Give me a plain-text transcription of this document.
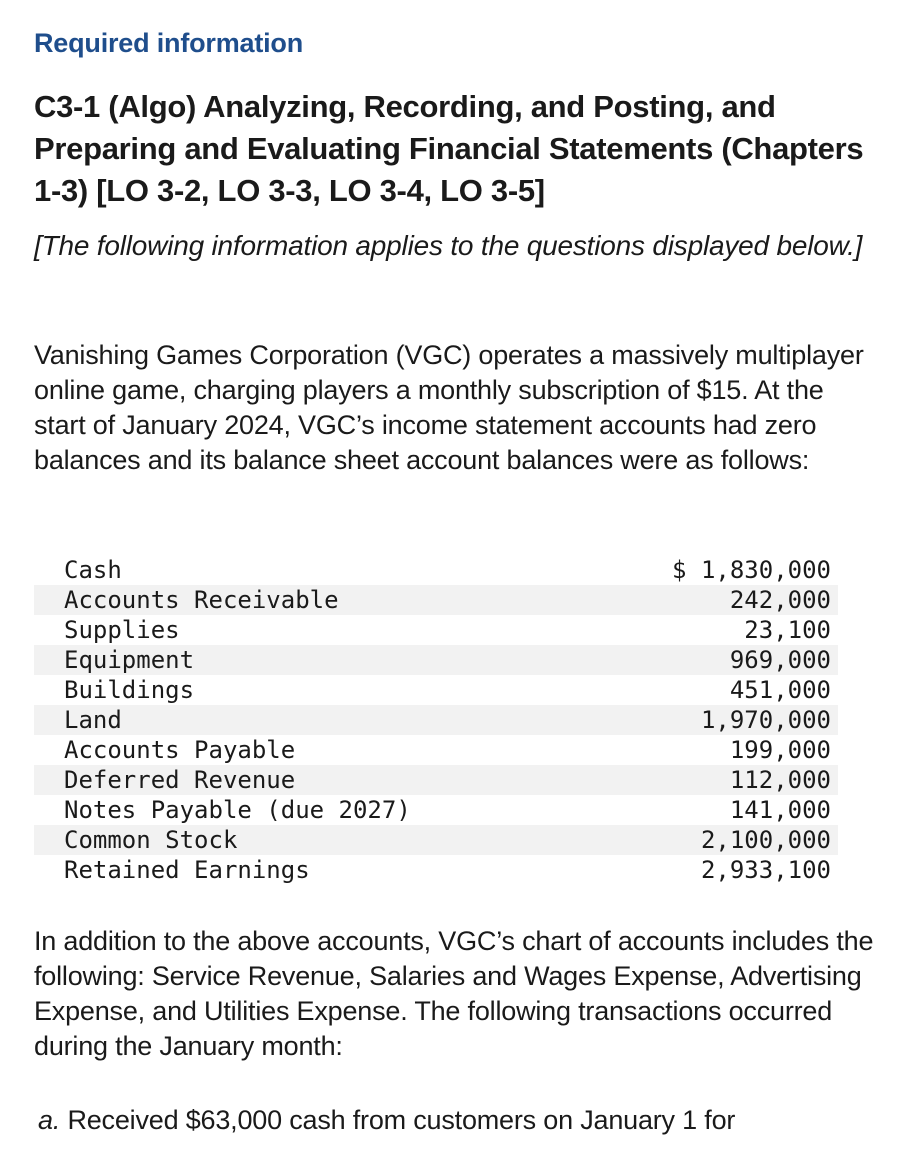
Required information
C3-1 (Algo) Analyzing, Recording, and Posting, and Preparing and Evaluating Financial Statements (Chapters 1-3) [LO 3-2, LO 3-3, LO 3-4, LO 3-5]
[The following information applies to the questions displayed below.]
Vanishing Games Corporation (VGC) operates a massively multiplayer online game, charging players a monthly subscription of $15. At the start of January 2024, VGC’s income statement accounts had zero balances and its balance sheet account balances were as follows:
Cash	$ 1,830,000
Accounts Receivable	242,000
Supplies	23,100
Equipment	969,000
Buildings	451,000
Land	1,970,000
Accounts Payable	199,000
Deferred Revenue	112,000
Notes Payable (due 2027)	141,000
Common Stock	2,100,000
Retained Earnings	2,933,100
In addition to the above accounts, VGC’s chart of accounts includes the following: Service Revenue, Salaries and Wages Expense, Advertising Expense, and Utilities Expense. The following transactions occurred during the January month:
a. Received $63,000 cash from customers on January 1 for
